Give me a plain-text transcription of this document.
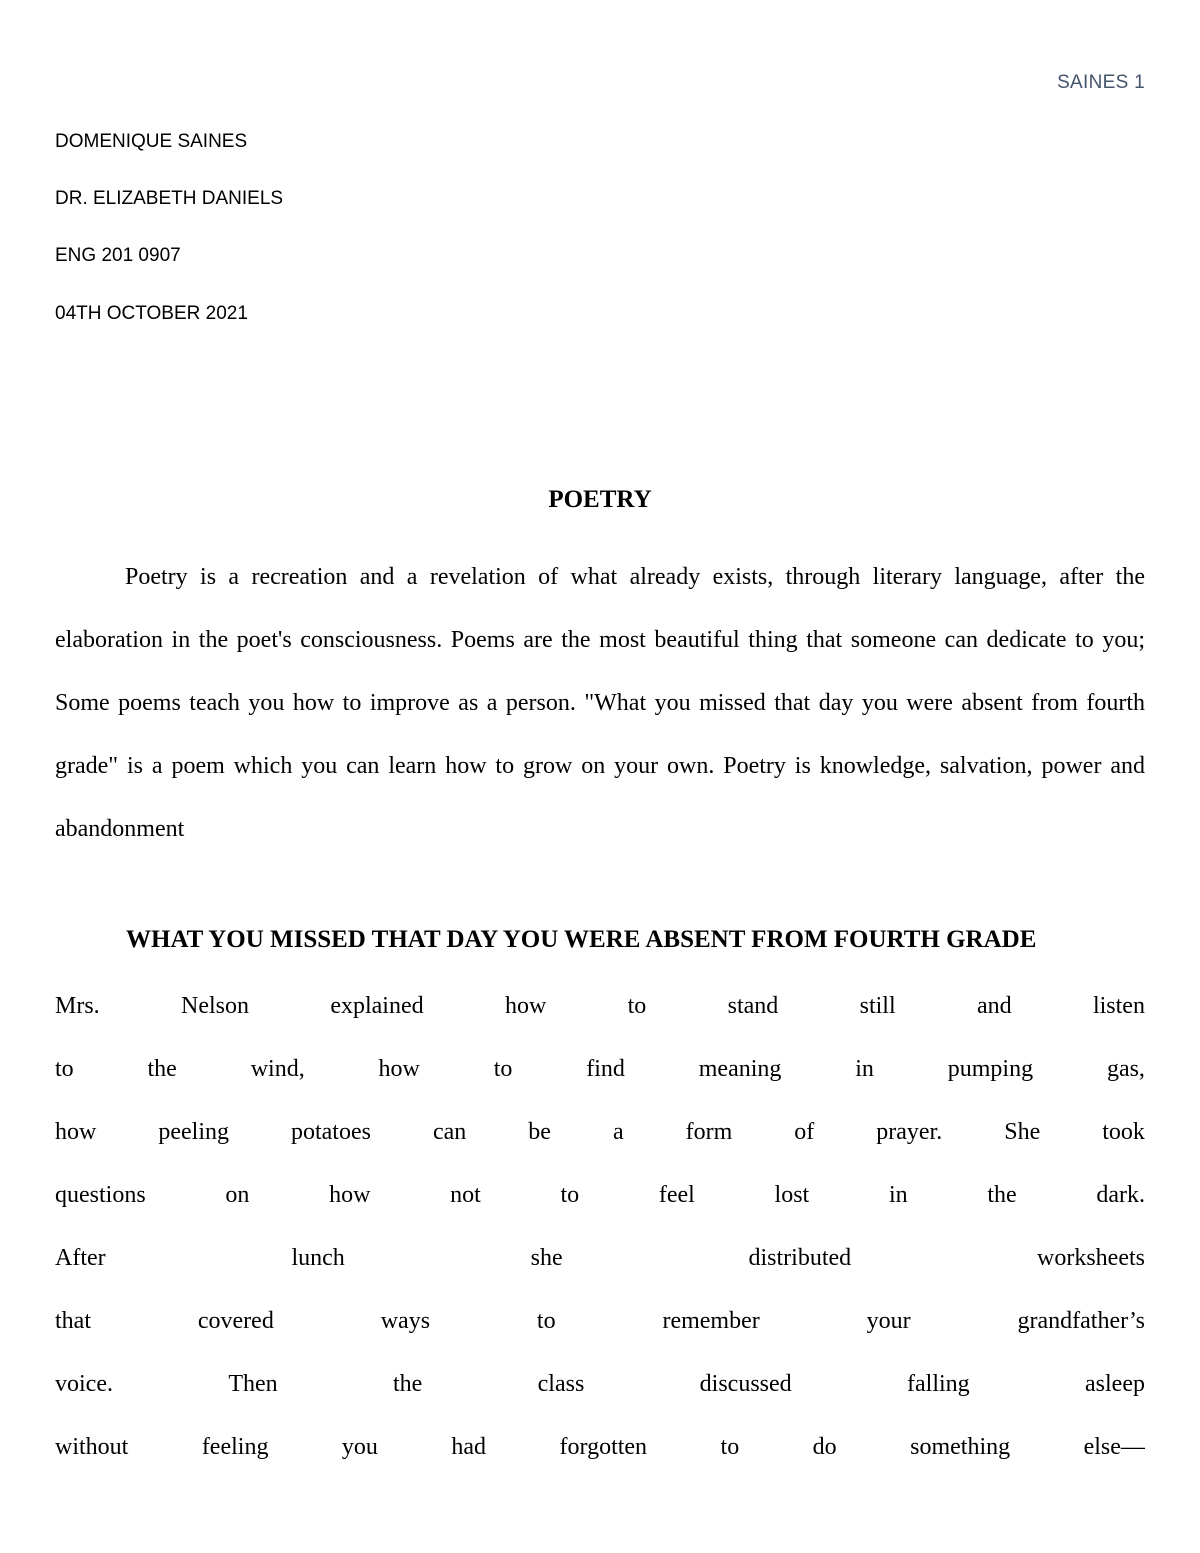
SAINES 1
DOMENIQUE SAINES
DR. ELIZABETH DANIELS
ENG 201 0907
04TH OCTOBER 2021
POETRY

Poetry is a recreation and a revelation of what already exists, through literary language, after the elaboration in the poet's consciousness. Poems are the most beautiful thing that someone can dedicate to you; Some poems teach you how to improve as a person. "What you missed that day you were absent from fourth grade" is a poem which you can learn how to grow on your own. Poetry is knowledge, salvation, power and abandonment

WHAT YOU MISSED THAT DAY YOU WERE ABSENT FROM FOURTH GRADE
Mrs.	Nelson	explained	how	to	stand	still	and	listen
to	the	wind,	how	to	find	meaning	in	pumping	gas,
how	peeling	potatoes	can	be	a	form	of	prayer.	She	took
questions	on	how	not	to	feel	lost	in	the	dark.
After	lunch	she	distributed	worksheets
that	covered	ways	to	remember	your	grandfather’s
voice.	Then	the	class	discussed	falling	asleep
without	feeling	you	had	forgotten	to	do	something	else—
